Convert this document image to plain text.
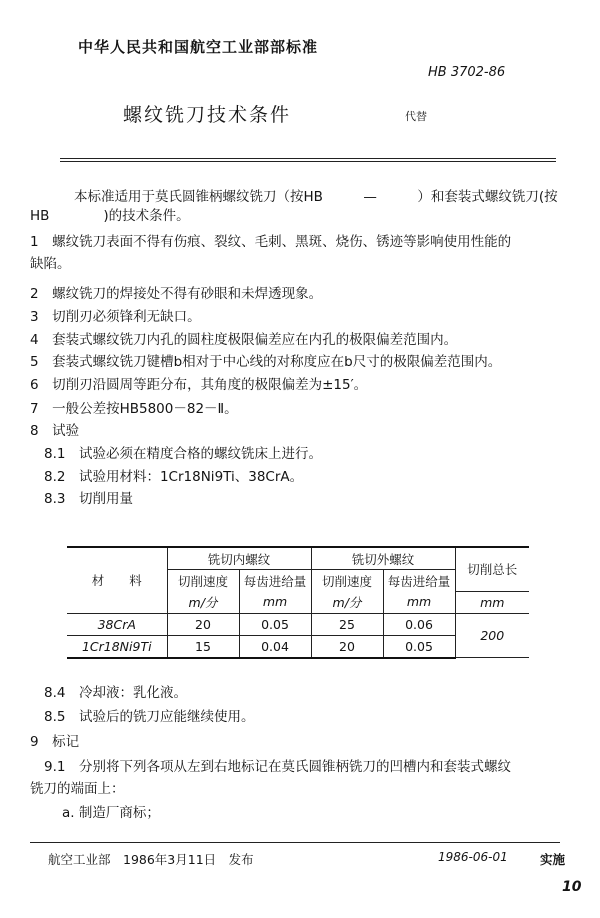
中华人民共和国航空工业部部标准
HB 3702-86
螺纹铣刀技术条件	代替
本标准适用于莫氏圆锥柄螺纹铣刀（按HB　　　—　　　）和套装式螺纹铣刀(按
HB　　　　)的技术条件。
1　螺纹铣刀表面不得有伤痕、裂纹、毛刺、黑斑、烧伤、锈迹等影响使用性能的
缺陷。
2　螺纹铣刀的焊接处不得有砂眼和未焊透现象。
3　切削刃必须锋利无缺口。
4　套装式螺纹铣刀内孔的圆柱度极限偏差应在内孔的极限偏差范围内。
5　套装式螺纹铣刀键槽b相对于中心线的对称度应在b尺寸的极限偏差范围内。
6　切削刃沿圆周等距分布，其角度的极限偏差为±15′。
7　一般公差按HB5800－82－Ⅱ。
8　试验
8.1　试验必须在精度合格的螺纹铣床上进行。
8.2　试验用材料：1Cr18Ni9Ti、38CrA。
8.3　切削用量
材　　料	铣切内螺纹		铣切外螺纹		切削总长
	切削速度	每齿进给量	切削速度	每齿进给量	
	m/分	mm	m/分	mm	mm
38CrA	20	0.05	25	0.06	200
1Cr18Ni9Ti	15	0.04	20	0.05	
8.4　冷却液：乳化液。
8.5　试验后的铣刀应能继续使用。
9　标记
9.1　分别将下列各项从左到右地标记在莫氏圆锥柄铣刀的凹槽内和套装式螺纹
铣刀的端面上：
a. 制造厂商标；
航空工业部　1986年3月11日　发布	1986-06-01	实施
10
